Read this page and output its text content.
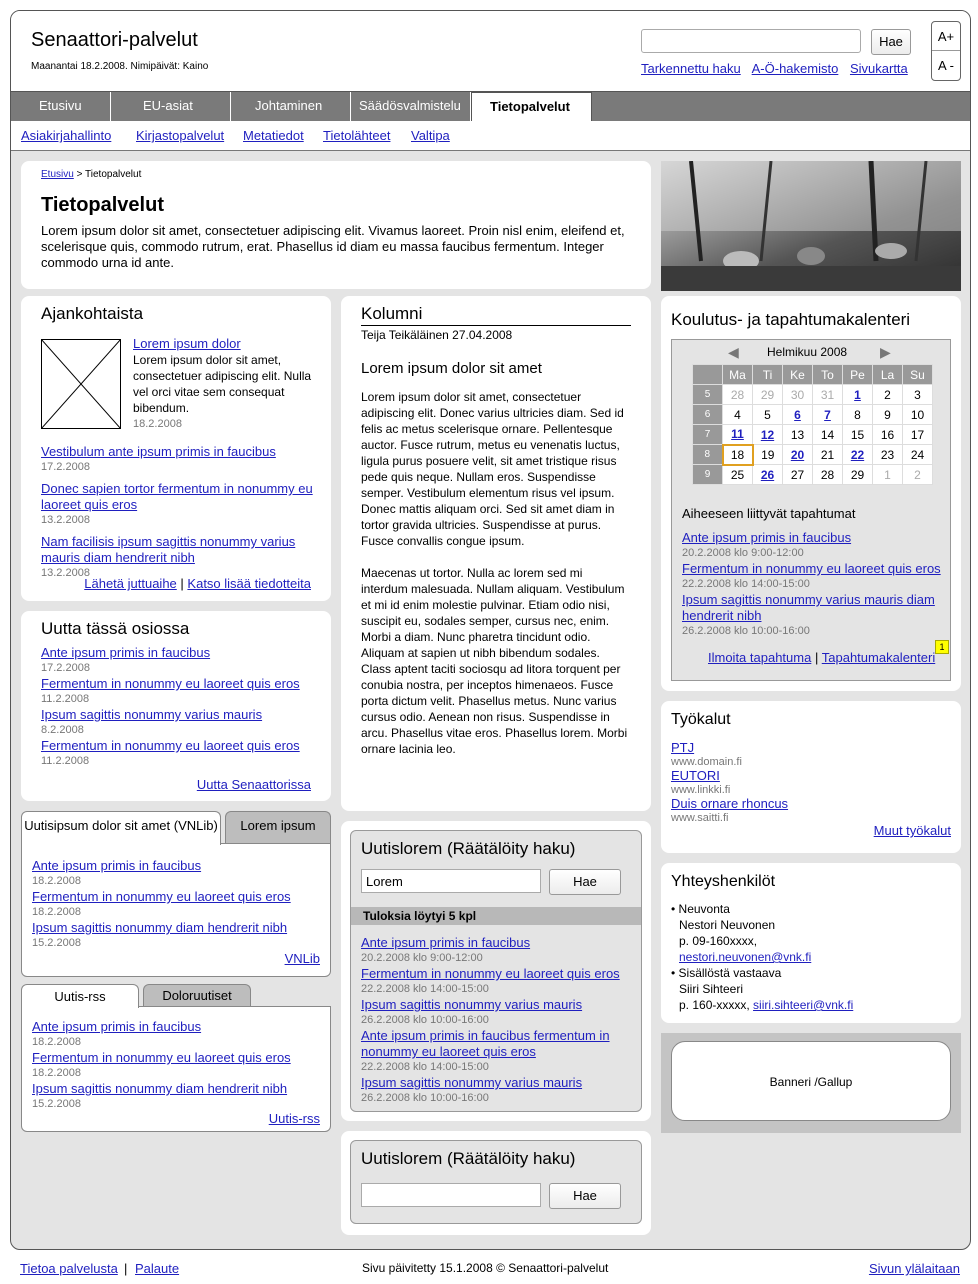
Senaattori-palvelut
Maanantai 18.2.2008. Nimipäivät: Kaino
Hae
Tarkennettu haku A-Ö-hakemisto Sivukartta
A+
A -
Etusivu	EU-asiat	Johtaminen	Säädösvalmistelu	Tietopalvelut
Asiakirjahallinto Kirjastopalvelut Metatiedot Tietolähteet Valtipa
Etusivu > Tietopalvelut
Tietopalvelut
Lorem ipsum dolor sit amet, consectetuer adipiscing elit. Vivamus laoreet. Proin nisl enim, eleifend et, scelerisque quis, commodo rutrum, erat. Phasellus id diam eu massa faucibus fermentum. Integer commodo urna id ante.
Ajankohtaista
Lorem ipsum dolor
Lorem ipsum dolor sit amet, consectetuer adipiscing elit. Nulla vel orci vitae sem consequat bibendum.
18.2.2008
Vestibulum ante ipsum primis in faucibus
17.2.2008
Donec sapien tortor fermentum in nonummy eu laoreet quis eros
13.2.2008
Nam facilisis ipsum sagittis nonummy varius mauris diam hendrerit nibh
13.2.2008
Lähetä juttuaihe | Katso lisää tiedotteita
Uutta tässä osiossa
Ante ipsum primis in faucibus
17.2.2008
Fermentum in nonummy eu laoreet quis eros
11.2.2008
Ipsum sagittis nonummy varius mauris
8.2.2008
Fermentum in nonummy eu laoreet quis eros
11.2.2008
Uutta Senaattorissa
Uutisipsum dolor sit amet (VNLib)	Lorem ipsum
Ante ipsum primis in faucibus
18.2.2008
Fermentum in nonummy eu laoreet quis eros
18.2.2008
Ipsum sagittis nonummy diam hendrerit nibh
15.2.2008
VNLib
Uutis-rss	Doloruutiset
Ante ipsum primis in faucibus
18.2.2008
Fermentum in nonummy eu laoreet quis eros
18.2.2008
Ipsum sagittis nonummy diam hendrerit nibh
15.2.2008
Uutis-rss
Kolumni
Teija Teikäläinen 27.04.2008
Lorem ipsum dolor sit amet
Lorem ipsum dolor sit amet, consectetuer adipiscing elit. Donec varius ultricies diam. Sed id felis ac metus scelerisque ornare. Pellentesque auctor. Fusce rutrum, metus eu venenatis luctus, ligula purus posuere velit, sit amet tristique risus pede quis neque. Nullam eros. Suspendisse semper. Vestibulum elementum risus vel ipsum. Donec mattis aliquam orci. Sed sit amet diam in tortor gravida ultricies. Suspendisse at purus. Fusce convallis congue ipsum.
Maecenas ut tortor. Nulla ac lorem sed mi interdum malesuada. Nullam aliquam. Vestibulum et mi id enim molestie pulvinar. Etiam odio nisi, suscipit eu, sodales semper, cursus nec, enim. Morbi a diam. Nunc pharetra tincidunt odio. Aliquam at sapien ut nibh bibendum sodales. Class aptent taciti sociosqu ad litora torquent per conubia nostra, per inceptos himenaeos. Fusce porta dictum velit. Phasellus metus. Nunc varius cursus odio. Aenean non risus. Suspendisse in arcu. Phasellus vitae eros. Phasellus lorem. Morbi ornare lacinia leo.
Uutislorem (Räätälöity haku)
Lorem
Hae
Tuloksia löytyi 5 kpl
Ante ipsum primis in faucibus
20.2.2008 klo 9:00-12:00
Fermentum in nonummy eu laoreet quis eros
22.2.2008 klo 14:00-15:00
Ipsum sagittis nonummy varius mauris
26.2.2008 klo 10:00-16:00
Ante ipsum primis in faucibus fermentum in nonummy eu laoreet quis eros
22.2.2008 klo 14:00-15:00
Ipsum sagittis nonummy varius mauris
26.2.2008 klo 10:00-16:00
Uutislorem (Räätälöity haku)
Hae
Koulutus- ja tapahtumakalenteri
◀ Helmikuu 2008 ▶
	Ma	Ti	Ke	To	Pe	La	Su
5	28	29	30	31	1	2	3
6	4	5	6	7	8	9	10
7	11	12	13	14	15	16	17
8	18	19	20	21	22	23	24
9	25	26	27	28	29	1	2
Aiheeseen liittyvät tapahtumat
Ante ipsum primis in faucibus
20.2.2008 klo 9:00-12:00
Fermentum in nonummy eu laoreet quis eros
22.2.2008 klo 14:00-15:00
Ipsum sagittis nonummy varius mauris diam hendrerit nibh
26.2.2008 klo 10:00-16:00
Ilmoita tapahtuma | Tapahtumakalenteri
1
Työkalut
PTJ
www.domain.fi
EUTORI
www.linkki.fi
Duis ornare rhoncus
www.saitti.fi
Muut työkalut
Yhteyshenkilöt
• Neuvonta
Nestori Neuvonen
p. 09-160xxxx,
nestori.neuvonen@vnk.fi
• Sisällöstä vastaava
Siiri Sihteeri
p. 160-xxxxx, siiri.sihteeri@vnk.fi
Banneri /Gallup
Tietoa palvelusta | Palaute	Sivu päivitetty 15.1.2008 © Senaattori-palvelut	Sivun ylälaitaan
